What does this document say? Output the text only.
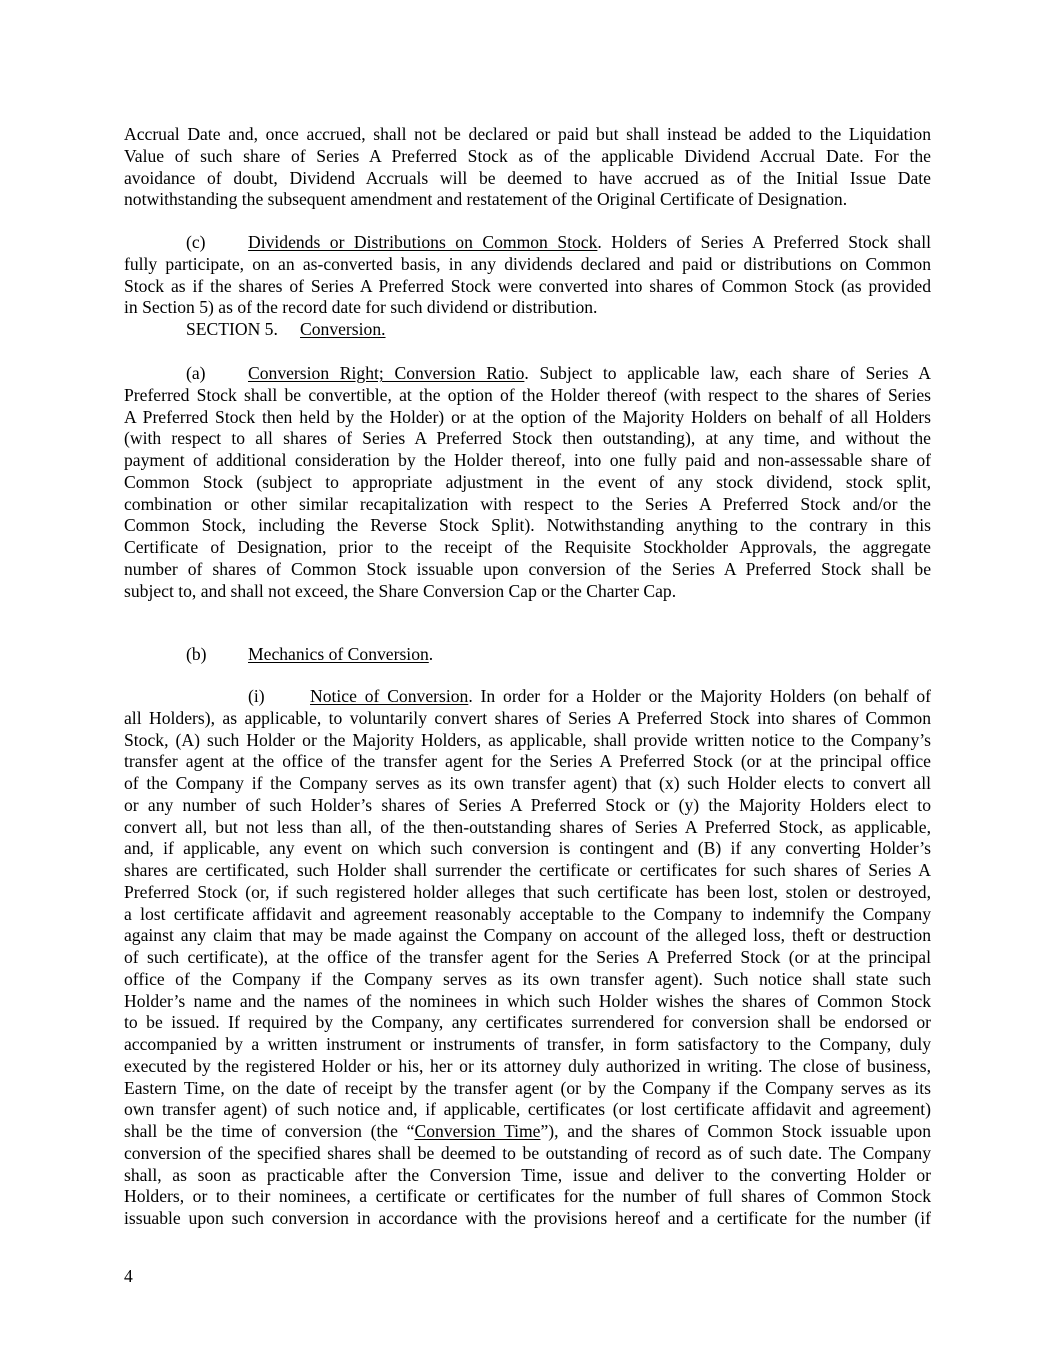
Accrual Date and, once accrued, shall not be declared or paid but shall instead be added to the Liquidation
Value of such share of Series A Preferred Stock as of the applicable Dividend Accrual Date. For the
avoidance of doubt, Dividend Accruals will be deemed to have accrued as of the Initial Issue Date
notwithstanding the subsequent amendment and restatement of the Original Certificate of Designation.
(c) Dividends or Distributions on Common Stock. Holders of Series A Preferred Stock shall
fully participate, on an as-converted basis, in any dividends declared and paid or distributions on Common
Stock as if the shares of Series A Preferred Stock were converted into shares of Common Stock (as provided
in Section 5) as of the record date for such dividend or distribution.
SECTION 5. Conversion.
(a) Conversion Right; Conversion Ratio. Subject to applicable law, each share of Series A
Preferred Stock shall be convertible, at the option of the Holder thereof (with respect to the shares of Series
A Preferred Stock then held by the Holder) or at the option of the Majority Holders on behalf of all Holders
(with respect to all shares of Series A Preferred Stock then outstanding), at any time, and without the
payment of additional consideration by the Holder thereof, into one fully paid and non-assessable share of
Common Stock (subject to appropriate adjustment in the event of any stock dividend, stock split,
combination or other similar recapitalization with respect to the Series A Preferred Stock and/or the
Common Stock, including the Reverse Stock Split). Notwithstanding anything to the contrary in this
Certificate of Designation, prior to the receipt of the Requisite Stockholder Approvals, the aggregate
number of shares of Common Stock issuable upon conversion of the Series A Preferred Stock shall be
subject to, and shall not exceed, the Share Conversion Cap or the Charter Cap.
(b) Mechanics of Conversion.
(i)	Notice of Conversion. In order for a Holder or the Majority Holders (on behalf of
all Holders), as applicable, to voluntarily convert shares of Series A Preferred Stock into shares of Common
Stock, (A) such Holder or the Majority Holders, as applicable, shall provide written notice to the Company’s
transfer agent at the office of the transfer agent for the Series A Preferred Stock (or at the principal office
of the Company if the Company serves as its own transfer agent) that (x) such Holder elects to convert all
or any number of such Holder’s shares of Series A Preferred Stock or (y) the Majority Holders elect to
convert all, but not less than all, of the then-outstanding shares of Series A Preferred Stock, as applicable,
and, if applicable, any event on which such conversion is contingent and (B) if any converting Holder’s
shares are certificated, such Holder shall surrender the certificate or certificates for such shares of Series A
Preferred Stock (or, if such registered holder alleges that such certificate has been lost, stolen or destroyed,
a lost certificate affidavit and agreement reasonably acceptable to the Company to indemnify the Company
against any claim that may be made against the Company on account of the alleged loss, theft or destruction
of such certificate), at the office of the transfer agent for the Series A Preferred Stock (or at the principal
office of the Company if the Company serves as its own transfer agent). Such notice shall state such
Holder’s name and the names of the nominees in which such Holder wishes the shares of Common Stock
to be issued. If required by the Company, any certificates surrendered for conversion shall be endorsed or
accompanied by a written instrument or instruments of transfer, in form satisfactory to the Company, duly
executed by the registered Holder or his, her or its attorney duly authorized in writing. The close of business,
Eastern Time, on the date of receipt by the transfer agent (or by the Company if the Company serves as its
own transfer agent) of such notice and, if applicable, certificates (or lost certificate affidavit and agreement)
shall be the time of conversion (the “Conversion Time”), and the shares of Common Stock issuable upon
conversion of the specified shares shall be deemed to be outstanding of record as of such date. The Company
shall, as soon as practicable after the Conversion Time, issue and deliver to the converting Holder or
Holders, or to their nominees, a certificate or certificates for the number of full shares of Common Stock
issuable upon such conversion in accordance with the provisions hereof and a certificate for the number (if
4
